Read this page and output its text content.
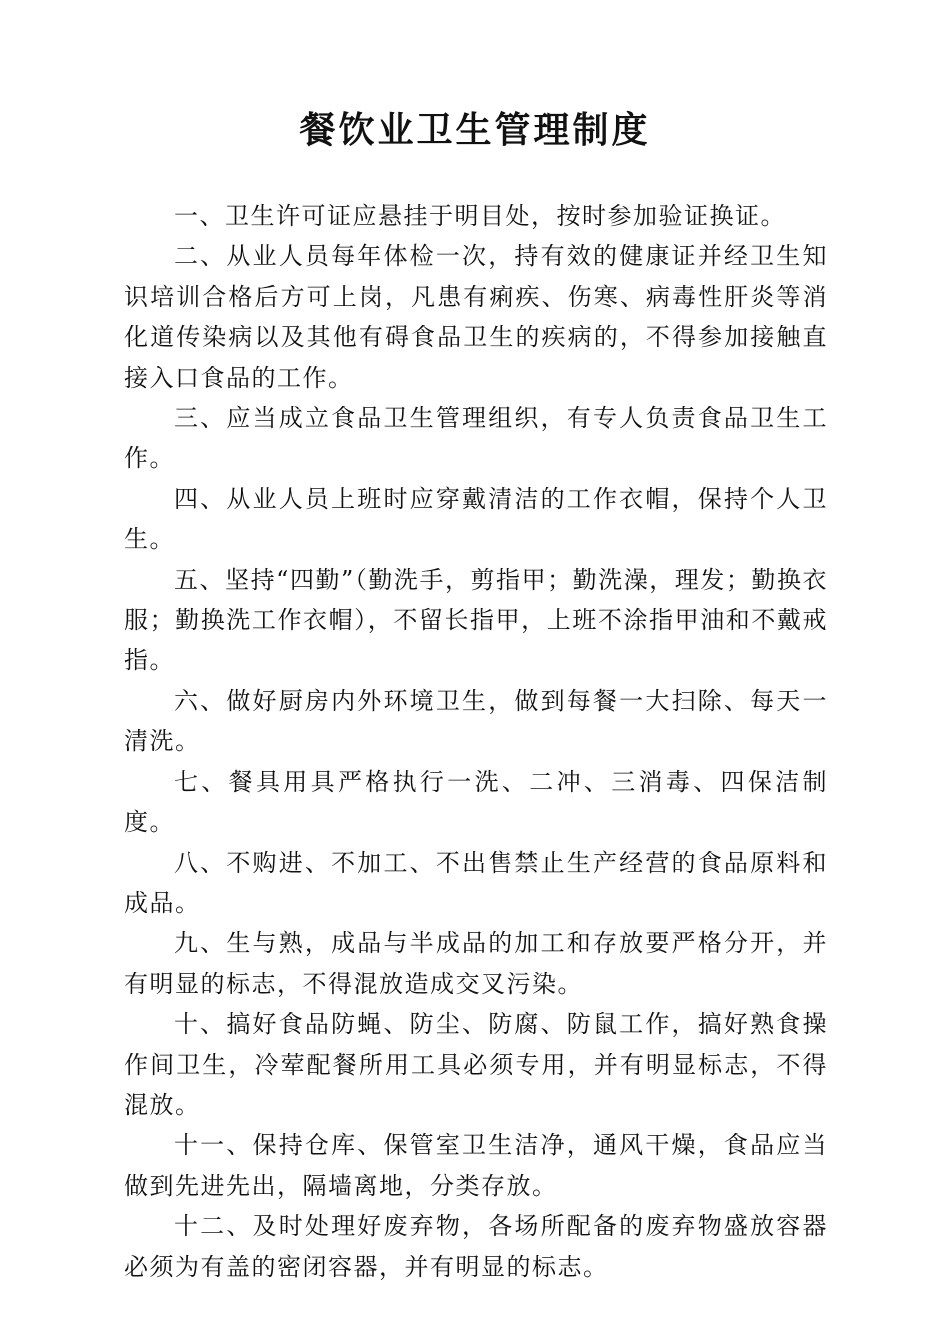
餐饮业卫生管理制度

一、卫生许可证应悬挂于明目处，按时参加验证换证。

二、从业人员每年体检一次，持有效的健康证并经卫生知识培训合格后方可上岗，凡患有痢疾、伤寒、病毒性肝炎等消化道传染病以及其他有碍食品卫生的疾病的，不得参加接触直接入口食品的工作。

三、应当成立食品卫生管理组织，有专人负责食品卫生工作。

四、从业人员上班时应穿戴清洁的工作衣帽，保持个人卫生。

五、坚持“四勤”（勤洗手，剪指甲；勤洗澡，理发；勤换衣服；勤换洗工作衣帽），不留长指甲，上班不涂指甲油和不戴戒指。

六、做好厨房内外环境卫生，做到每餐一大扫除、每天一清洗。

七、餐具用具严格执行一洗、二冲、三消毒、四保洁制度。

八、不购进、不加工、不出售禁止生产经营的食品原料和成品。

九、生与熟，成品与半成品的加工和存放要严格分开，并有明显的标志，不得混放造成交叉污染。

十、搞好食品防蝇、防尘、防腐、防鼠工作，搞好熟食操作间卫生，冷荤配餐所用工具必须专用，并有明显标志，不得混放。

十一、保持仓库、保管室卫生洁净，通风干燥，食品应当做到先进先出，隔墙离地，分类存放。

十二、及时处理好废弃物，各场所配备的废弃物盛放容器必须为有盖的密闭容器，并有明显的标志。
